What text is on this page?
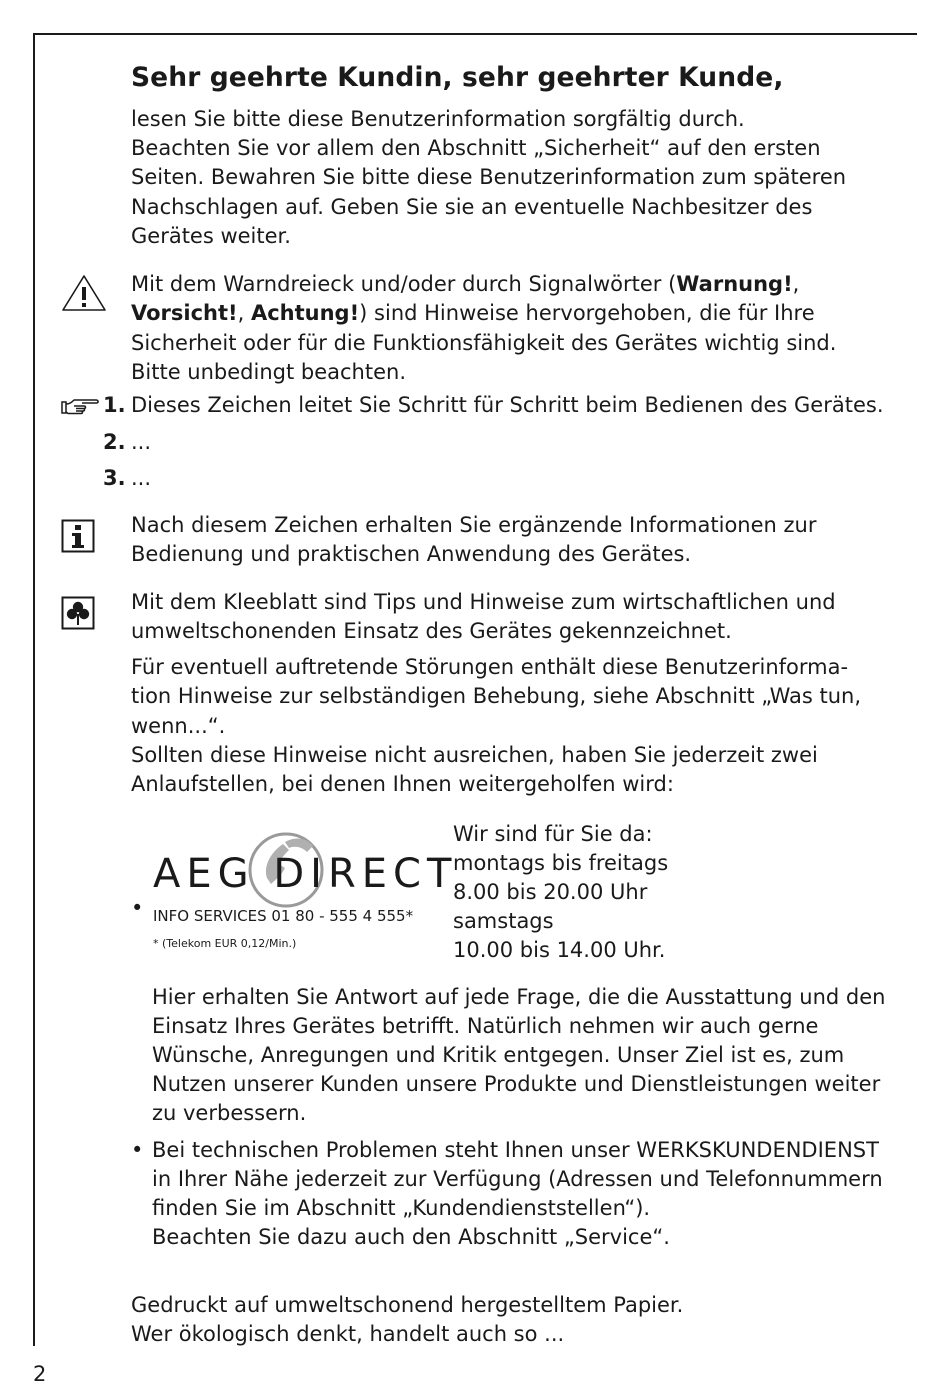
Sehr geehrte Kundin, sehr geehrter Kunde,

lesen Sie bitte diese Benutzerinformation sorgfältig durch.

Beachten Sie vor allem den Abschnitt „Sicherheit“ auf den ersten

Seiten. Bewahren Sie bitte diese Benutzerinformation zum späteren

Nachschlagen auf. Geben Sie sie an eventuelle Nachbesitzer des

Gerätes weiter.

Mit dem Warndreieck und/oder durch Signalwörter (Warnung!,

Vorsicht!, Achtung!) sind Hinweise hervorgehoben, die für Ihre

Sicherheit oder für die Funktionsfähigkeit des Gerätes wichtig sind.

Bitte unbedingt beachten.

Dieses Zeichen leitet Sie Schritt für Schritt beim Bedienen des Gerätes.

...

...

Nach diesem Zeichen erhalten Sie ergänzende Informationen zur

Bedienung und praktischen Anwendung des Gerätes.

Mit dem Kleeblatt sind Tips und Hinweise zum wirtschaftlichen und

umweltschonenden Einsatz des Gerätes gekennzeichnet.

Für eventuell auftretende Störungen enthält diese Benutzerinforma-

tion Hinweise zur selbständigen Behebung, siehe Abschnitt „Was tun,

wenn...“.

Sollten diese Hinweise nicht ausreichen, haben Sie jederzeit zwei

Anlaufstellen, bei denen Ihnen weitergeholfen wird:

Hier erhalten Sie Antwort auf jede Frage, die die Ausstattung und den

Einsatz Ihres Gerätes betrifft. Natürlich nehmen wir auch gerne

Wünsche, Anregungen und Kritik entgegen. Unser Ziel ist es, zum

Nutzen unserer Kunden unsere Produkte und Dienstleistungen weiter

zu verbessern.

Bei technischen Problemen steht Ihnen unser WERKSKUNDENDIENST

in Ihrer Nähe jederzeit zur Verfügung (Adressen und Telefonnummern

finden Sie im Abschnitt „Kundendienststellen“).

Beachten Sie dazu auch den Abschnitt „Service“.

Gedruckt auf umweltschonend hergestelltem Papier.

Wer ökologisch denkt, handelt auch so ...

1.
2.
3.
•
AEG DIRECT
INFO SERVICES 01 80 - 555 4 555*
* (Telekom EUR 0,12/Min.)
Wir sind für Sie da:
montags bis freitags
8.00 bis 20.00 Uhr
samstags
10.00 bis 14.00 Uhr.
•
2
